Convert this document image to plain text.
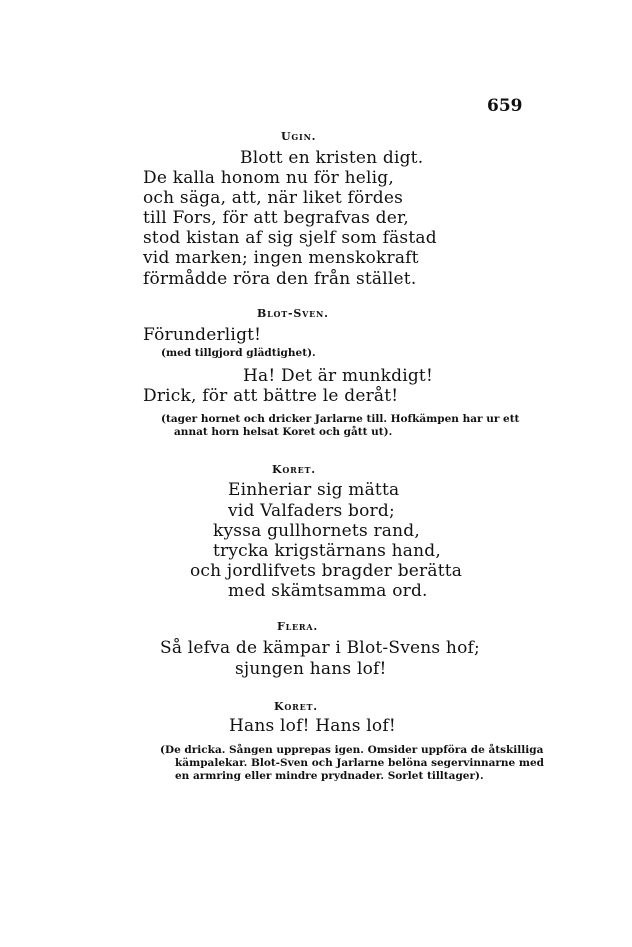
659
Ugin.
Blott en kristen digt.
De kalla honom nu för helig,
och säga, att, när liket fördes
till Fors, för att begrafvas der,
stod kistan af sig sjelf som fästad
vid marken; ingen menskokraft
förmådde röra den från stället.
Blot-Sven.
Förunderligt!
(med tillgjord glädtighet).
Ha! Det är munkdigt!
Drick, för att bättre le deråt!
(tager hornet och dricker Jarlarne till. Hofkämpen har ur ett
annat horn helsat Koret och gått ut).
Koret.
Einheriar sig mätta
vid Valfaders bord;
kyssa gullhornets rand,
trycka krigstärnans hand,
och jordlifvets bragder berätta
med skämtsamma ord.
Flera.
Så lefva de kämpar i Blot-Svens hof;
sjungen hans lof!
Koret.
Hans lof! Hans lof!
(De dricka. Sången upprepas igen. Omsider uppföra de åtskilliga
kämpalekar. Blot-Sven och Jarlarne belöna segervinnarne med
en armring eller mindre prydnader. Sorlet tilltager).
